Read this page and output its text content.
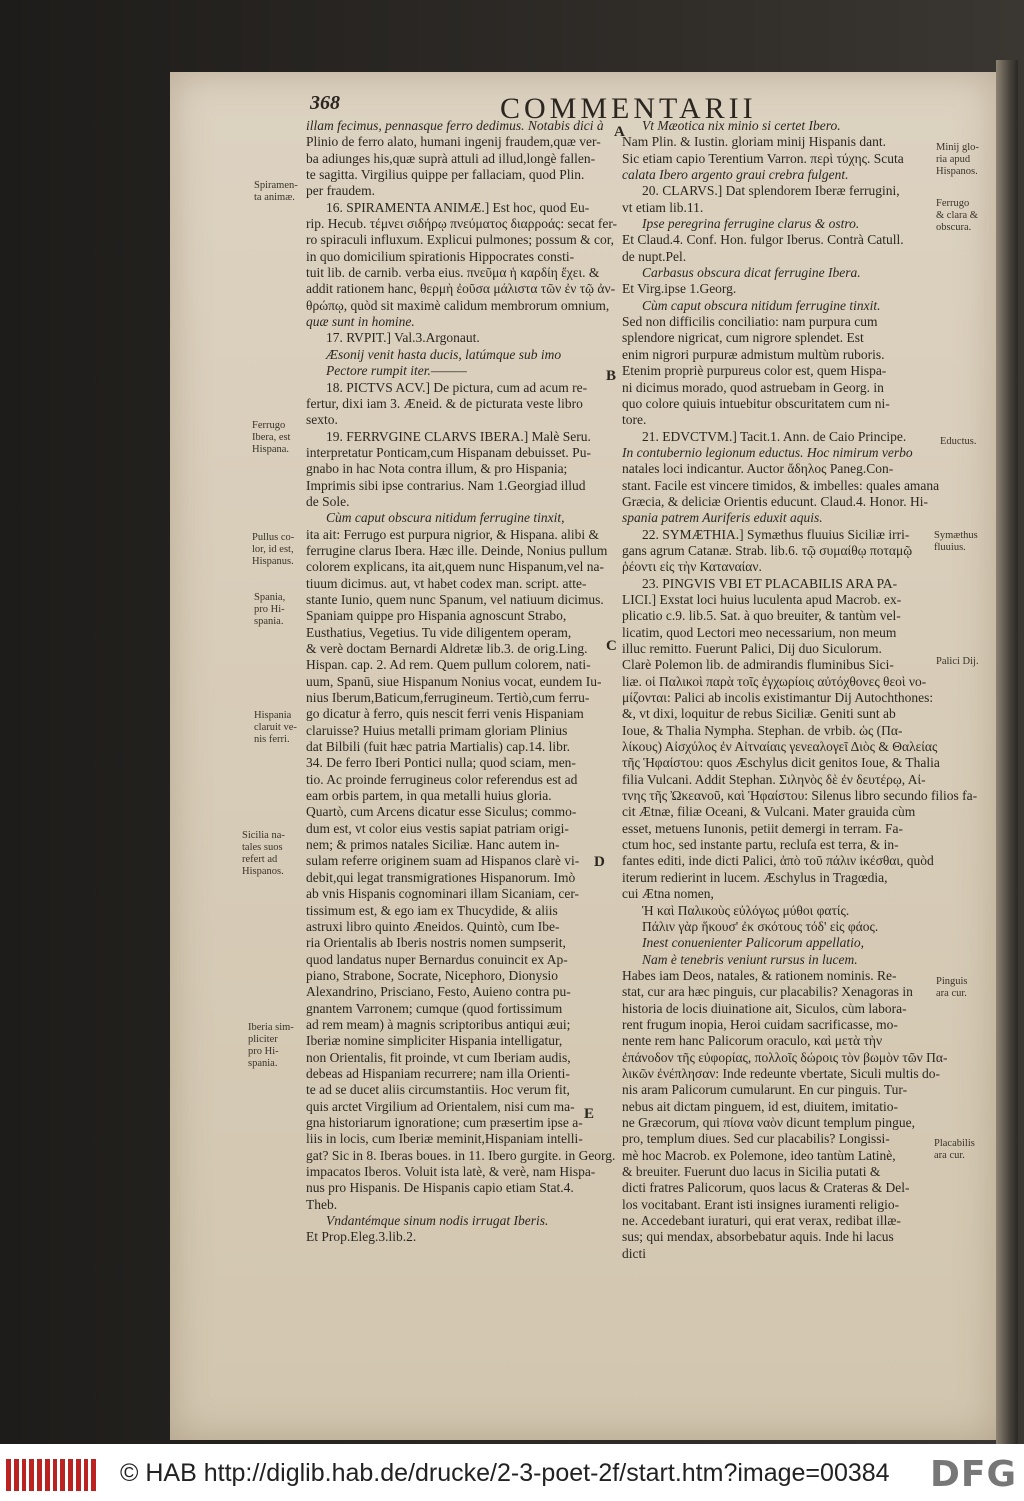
368	COMMENTARII

illam fecimus, pennasque ferro dedimus. Notabis dici à

Plinio de ferro alato, humani ingenij fraudem,quæ ver-

ba adiunges his,quæ suprà attuli ad illud,longè fallen-

te sagitta. Virgilius quippe per fallaciam, quod Plin.

per fraudem.

16. SPIRAMENTA ANIMÆ.] Est hoc, quod Eu-

rip. Hecub. τέμνει σιδήρῳ πνεύματος διαρροάς: secat fer-

ro spiraculi influxum. Explicui pulmones; possum & cor,

in quo domicilium spirationis Hippocrates consti-

tuit lib. de carnib. verba eius. πνεῦμα ἡ καρδίη ἔχει. &

addit rationem hanc, θερμὴ ἐοῦσα μάλιστα τῶν ἐν τῷ ἀν-

θρώπῳ, quòd sit maximè calidum membrorum omnium,

quæ sunt in homine.

17. RVPIT.] Val.3.Argonaut.

Æsonij venit hasta ducis, latúmque sub imo

Pectore rumpit iter.———

18. PICTVS ACV.] De pictura, cum ad acum re-

fertur, dixi iam 3. Æneid. & de picturata veste libro

sexto.

19. FERRVGINE CLARVS IBERA.] Malè Seru.

interpretatur Ponticam,cum Hispanam debuisset. Pu-

gnabo in hac Nota contra illum, & pro Hispania;

Imprimis sibi ipse contrarius. Nam 1.Georgiad illud

de Sole.

Cùm caput obscura nitidum ferrugine tinxit,

ita ait: Ferrugo est purpura nigrior, & Hispana. alibi &

ferrugine clarus Ibera. Hæc ille. Deinde, Nonius pullum

colorem explicans, ita ait,quem nunc Hispanum,vel na-

tiuum dicimus. aut, vt habet codex man. script. atte-

stante Iunio, quem nunc Spanum, vel natiuum dicimus.

Spaniam quippe pro Hispania agnoscunt Strabo,

Eusthatius, Vegetius. Tu vide diligentem operam,

& verè doctam Bernardi Aldretæ lib.3. de orig.Ling.

Hispan. cap. 2. Ad rem. Quem pullum colorem, nati-

uum, Spanū, siue Hispanum Nonius vocat, eundem Iu-

nius Iberum,Baticum,ferrugineum. Tertiò,cum ferru-

go dicatur à ferro, quis nescit ferri venis Hispaniam

claruisse? Huius metalli primam gloriam Plinius

dat Bilbili (fuit hæc patria Martialis) cap.14. libr.

34. De ferro Iberi Pontici nulla; quod sciam, men-

tio. Ac proinde ferrugineus color referendus est ad

eam orbis partem, in qua metalli huius gloria.

Quartò, cum Arcens dicatur esse Siculus; commo-

dum est, vt color eius vestis sapiat patriam origi-

nem; & primos natales Siciliæ. Hanc autem in-

sulam referre originem suam ad Hispanos clarè vi-

debit,qui legat transmigrationes Hispanorum. Imò

ab vnis Hispanis cognominari illam Sicaniam, cer-

tissimum est, & ego iam ex Thucydide, & aliis

astruxi libro quinto Æneidos. Quintò, cum Ibe-

ria Orientalis ab Iberis nostris nomen sumpserit,

quod landatus nuper Bernardus conuincit ex Ap-

piano, Strabone, Socrate, Nicephoro, Dionysio

Alexandrino, Prisciano, Festo, Auieno contra pu-

gnantem Varronem; cumque (quod fortissimum

ad rem meam) à magnis scriptoribus antiqui æui;

Iberiæ nomine simpliciter Hispania intelligatur,

non Orientalis, fit proinde, vt cum Iberiam audis,

debeas ad Hispaniam recurrere; nam illa Orienti-

te ad se ducet aliis circumstantiis. Hoc verum fit,

quis arctet Virgilium ad Orientalem, nisi cum ma-

gna historiarum ignoratione; cum præsertim ipse a-

liis in locis, cum Iberiæ meminit,Hispaniam intelli-

gat? Sic in 8. Iberas boues. in 11. Ibero gurgite. in Georg.

impacatos Iberos. Voluit ista latè, & verè, nam Hispa-

nus pro Hispanis. De Hispanis capio etiam Stat.4.

Theb.

Vndantémque sinum nodis irrugat Iberis.

Et Prop.Eleg.3.lib.2.

Vt Mæotica nix minio si certet Ibero.

Nam Plin. & Iustin. gloriam minij Hispanis dant.

Sic etiam capio Terentium Varron. περὶ τύχης. Scuta

calata Ibero argento graui crebra fulgent.

20. CLARVS.] Dat splendorem Iberæ ferrugini,

vt etiam lib.11.

Ipse peregrina ferrugine clarus & ostro.

Et Claud.4. Conf. Hon. fulgor Iberus. Contrà Catull.

de nupt.Pel.

Carbasus obscura dicat ferrugine Ibera.

Et Virg.ipse 1.Georg.

Cùm caput obscura nitidum ferrugine tinxit.

Sed non difficilis conciliatio: nam purpura cum

splendore nigricat, cum nigrore splendet. Est

enim nigrori purpuræ admistum multùm ruboris.

Etenim propriè purpureus color est, quem Hispa-

ni dicimus morado, quod astruebam in Georg. in

quo colore quiuis intuebitur obscuritatem cum ni-

tore.

21. EDVCTVM.] Tacit.1. Ann. de Caio Principe.

In contubernio legionum eductus. Hoc nimirum verbo

natales loci indicantur. Auctor ἄδηλος Paneg.Con-

stant. Facile est vincere timidos, & imbelles: quales amana

Græcia, & deliciæ Orientis educunt. Claud.4. Honor. Hi-

spania patrem Auriferis eduxit aquis.

22. SYMÆTHIA.] Symæthus fluuius Siciliæ irri-

gans agrum Catanæ. Strab. lib.6. τῷ συμαίθῳ ποταμῷ

ῥέοντι εἰς τὴν Καταναίαν.

23. PINGVIS VBI ET PLACABILIS ARA PA-

LICI.] Exstat loci huius luculenta apud Macrob. ex-

plicatio c.9. lib.5. Sat. à quo breuiter, & tantùm vel-

licatim, quod Lectori meo necessarium, non meum

illuc remitto. Fuerunt Palici, Dij duo Siculorum.

Clarè Polemon lib. de admirandis fluminibus Sici-

liæ. οἱ Παλικοὶ παρὰ τοῖς ἐγχωρίοις αὐτόχθονες θεοὶ νο-

μίζονται: Palici ab incolis existimantur Dij Autochthones:

&, vt dixi, loquitur de rebus Siciliæ. Geniti sunt ab

Ioue, & Thalia Nympha. Stephan. de vrbib. ὡς (Πα-

λίκους) Αἰσχύλος ἐν Αἰτναίαις γενεαλογεῖ Διὸς & Θαλείας

τῆς Ἡφαίστου: quos Æschylus dicit genitos Ioue, & Thalia

filia Vulcani. Addit Stephan. Σιληνὸς δὲ ἐν δευτέρῳ, Αἰ-

τνης τῆς Ὠκεανοῦ, καὶ Ἡφαίστου: Silenus libro secundo filios fa-

cit Ætnæ, filiæ Oceani, & Vulcani. Mater grauida cùm

esset, metuens Iunonis, petiit demergi in terram. Fa-

ctum hoc, sed instante partu, recluſa est terra, & in-

fantes editi, inde dicti Palici, ἀπὸ τοῦ πάλιν ἱκέσθαι, quòd

iterum redierint in lucem. Æschylus in Tragœdia,

cui Ætna nomen,

Ἡ καὶ Παλικοὺς εὐλόγως μύθοι φατίς.

Πάλιν γὰρ ἥκουσ' ἐκ σκότους τόδ' εἰς φάος.

Inest conuenienter Palicorum appellatio,

Nam è tenebris veniunt rursus in lucem.

Habes iam Deos, natales, & rationem nominis. Re-

stat, cur ara hæc pinguis, cur placabilis? Xenagoras in

historia de locis diuinatione ait, Siculos, cùm labora-

rent frugum inopia, Heroi cuidam sacrificasse, mo-

nente rem hanc Palicorum oraculo, καὶ μετὰ τὴν

ἐπάνοδον τῆς εὐφορίας, πολλοῖς δώροις τὸν βωμὸν τῶν Πα-

λικῶν ἐνέπλησαν: Inde redeunte vbertate, Siculi multis do-

nis aram Palicorum cumularunt. En cur pinguis. Tur-

nebus ait dictam pinguem, id est, diuitem, imitatio-

ne Græcorum, qui πίονα ναὸν dicunt templum pingue,

pro, templum diues. Sed cur placabilis? Longissi-

mè hoc Macrob. ex Polemone, ideo tantùm Latinè,

& breuiter. Fuerunt duo lacus in Sicilia putati &

dicti fratres Palicorum, quos lacus & Crateras & Del-

los vocitabant. Erant isti insignes iuramenti religio-

ne. Accedebant iuraturi, qui erat verax, redibat illæ-

sus; qui mendax, absorbebatur aquis. Inde hi lacus

dicti

Spiramen-
ta animæ.
Ferrugo
Ibera, est
Hispana.
Pullus co-
lor, id est,
Hispanus.
Spania,
pro Hi-
spania.
Hispania
claruit ve-
nis ferri.
Sicilia na-
tales suos
refert ad
Hispanos.
Iberia sim-
pliciter
pro Hi-
spania.
Minij glo-
ria apud
Hispanos.
Ferrugo
& clara &
obscura.
Eductus.
Symæthus
fluuius.
Palici Dij.
Pinguis
ara cur.
Placabilis
ara cur.
A
B
C
D
E
© HAB http://diglib.hab.de/drucke/2-3-poet-2f/start.htm?image=00384 DFG
